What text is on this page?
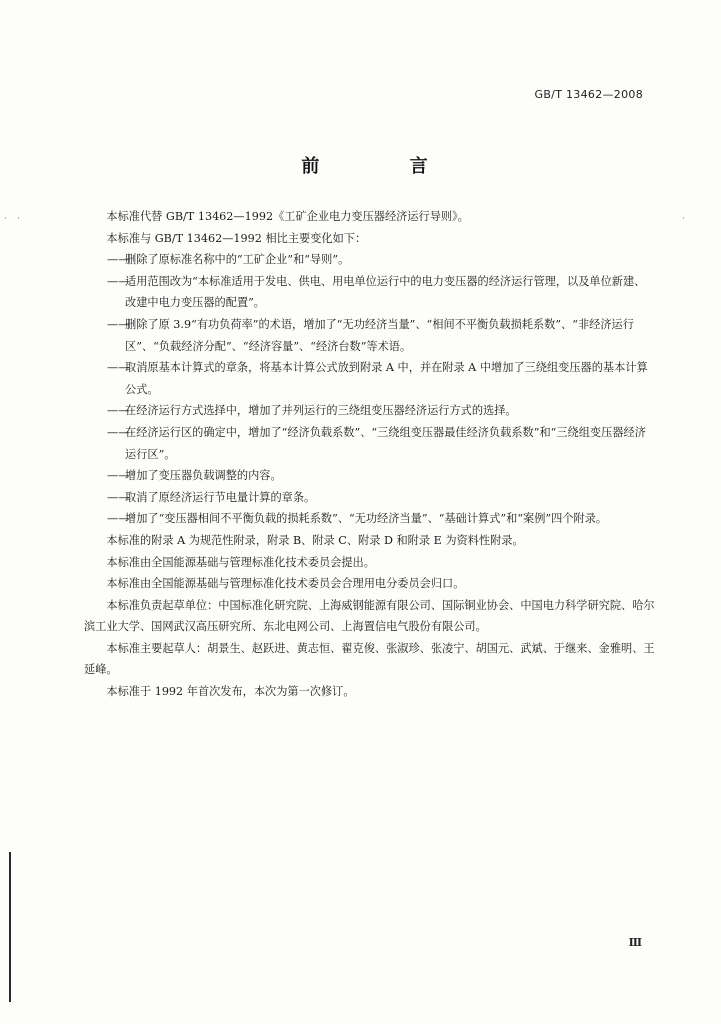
GB/T 13462—2008
前 言
· ·	·

本标准代替 GB/T 13462—1992《工矿企业电力变压器经济运行导则》。

本标准与 GB/T 13462—1992 相比主要变化如下：

——删除了原标准名称中的“工矿企业”和“导则”。

——适用范围改为“本标准适用于发电、供电、用电单位运行中的电力变压器的经济运行管理，以及单位新建、改建中电力变压器的配置”。

——删除了原 3.9“有功负荷率”的术语，增加了“无功经济当量”、“相间不平衡负载损耗系数”、“非经济运行区”、“负载经济分配”、“经济容量”、“经济台数”等术语。

——取消原基本计算式的章条，将基本计算公式放到附录 A 中，并在附录 A 中增加了三绕组变压器的基本计算公式。

——在经济运行方式选择中，增加了并列运行的三绕组变压器经济运行方式的选择。

——在经济运行区的确定中，增加了“经济负载系数”、“三绕组变压器最佳经济负载系数”和“三绕组变压器经济运行区”。

——增加了变压器负载调整的内容。

——取消了原经济运行节电量计算的章条。

——增加了“变压器相间不平衡负载的损耗系数”、“无功经济当量”、“基础计算式”和“案例”四个附录。

本标准的附录 A 为规范性附录，附录 B、附录 C、附录 D 和附录 E 为资料性附录。

本标准由全国能源基础与管理标准化技术委员会提出。

本标准由全国能源基础与管理标准化技术委员会合理用电分委员会归口。

本标准负责起草单位：中国标准化研究院、上海威钢能源有限公司、国际铜业协会、中国电力科学研究院、哈尔滨工业大学、国网武汉高压研究所、东北电网公司、上海置信电气股份有限公司。

本标准主要起草人：胡景生、赵跃进、黄志恒、翟克俊、张淑珍、张凌宁、胡国元、武斌、于继来、金雅明、王延峰。

本标准于 1992 年首次发布，本次为第一次修订。

Ⅲ
